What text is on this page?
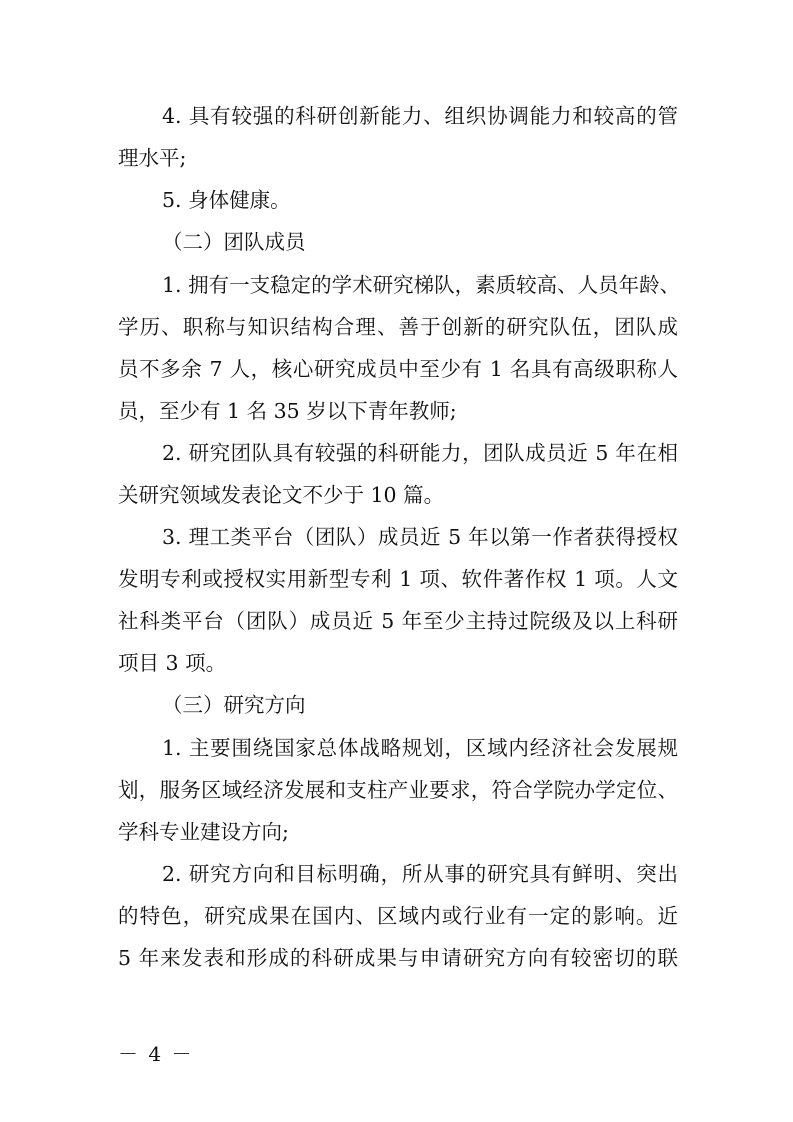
4. 具有较强的科研创新能力、组织协调能力和较高的管
理水平;
5. 身体健康。
（二）团队成员
1. 拥有一支稳定的学术研究梯队，素质较高、人员年龄、
学历、职称与知识结构合理、善于创新的研究队伍，团队成
员不多余 7 人，核心研究成员中至少有 1 名具有高级职称人
员，至少有 1 名 35 岁以下青年教师;
2. 研究团队具有较强的科研能力，团队成员近 5 年在相
关研究领域发表论文不少于 10 篇。
3. 理工类平台（团队）成员近 5 年以第一作者获得授权
发明专利或授权实用新型专利 1 项、软件著作权 1 项。人文
社科类平台（团队）成员近 5 年至少主持过院级及以上科研
项目 3 项。
（三）研究方向
1. 主要围绕国家总体战略规划，区域内经济社会发展规
划，服务区域经济发展和支柱产业要求，符合学院办学定位、
学科专业建设方向;
2. 研究方向和目标明确，所从事的研究具有鲜明、突出
的特色，研究成果在国内、区域内或行业有一定的影响。近
5 年来发表和形成的科研成果与申请研究方向有较密切的联
－ 4 －
